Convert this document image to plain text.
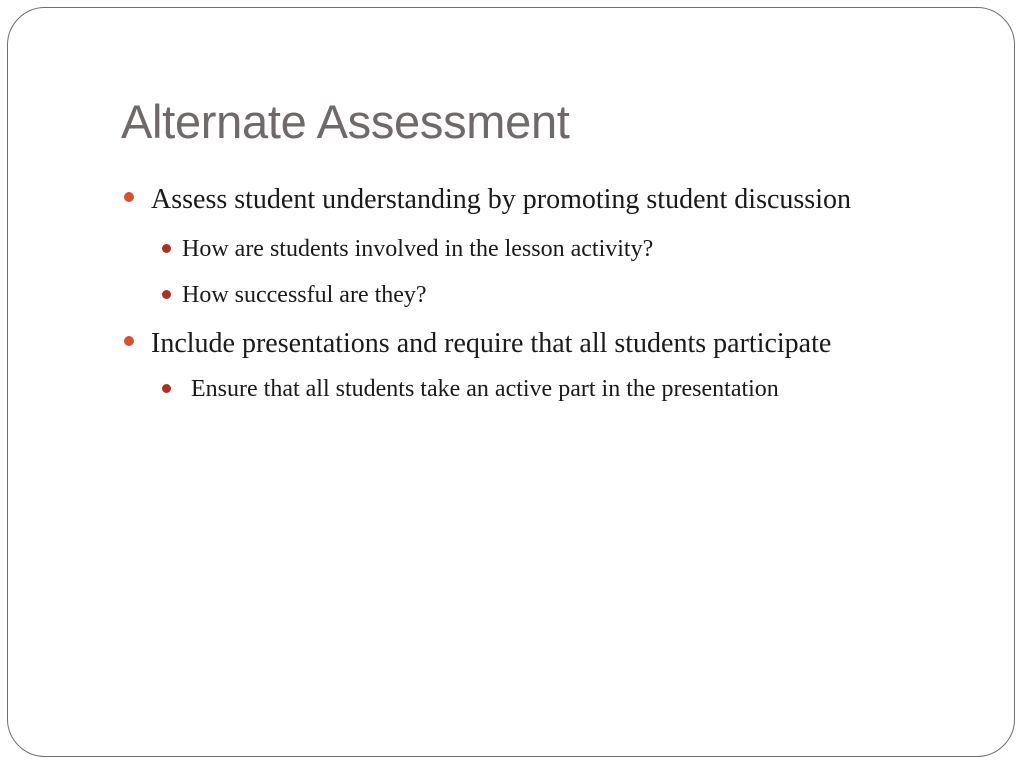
Alternate Assessment
Assess student understanding by promoting student discussion
How are students involved in the lesson activity?
How successful are they?
Include presentations and require that all students participate
Ensure that all students take an active part in the presentation
